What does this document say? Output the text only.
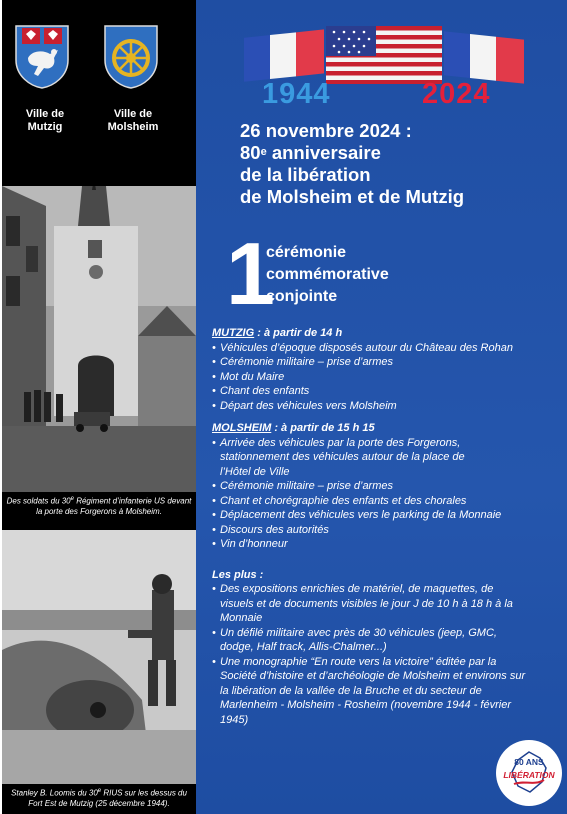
Ville de
Mutzig
Ville de
Molsheim
Des soldats du 30e Régiment d’infanterie US devant la porte des Forgerons à Molsheim.
Stanley B. Loomis du 30e RIUS sur les dessus du Fort Est de Mutzig (25 décembre 1944).
1944	2024
26 novembre 2024 :
80e anniversaire
de la libération
de Molsheim et de Mutzig
1
cérémonie
commémorative
conjointe
MUTZIG : à partir de 14 h
• Véhicules d’époque disposés autour du Château des Rohan
• Cérémonie militaire – prise d’armes
• Mot du Maire
• Chant des enfants
• Départ des véhicules vers Molsheim
MOLSHEIM : à partir de 15 h 15
• Arrivée des véhicules par la porte des Forgerons, stationnement des véhicules autour de la place de l’Hôtel de Ville
• Cérémonie militaire – prise d’armes
• Chant et chorégraphie des enfants et des chorales
• Déplacement des véhicules vers le parking de la Monnaie
• Discours des autorités
• Vin d’honneur
Les plus :
• Des expositions enrichies de matériel, de maquettes, de visuels et de documents visibles le jour J de 10 h à 18 h à la Monnaie
• Un défilé militaire avec près de 30 véhicules (jeep, GMC, dodge, Half track, Allis-Chalmer...)
• Une monographie “En route vers la victoire” éditée par la Société d’histoire et d’archéologie de Molsheim et environs sur la libération de la vallée de la Bruche et du secteur de Marlenheim - Molsheim - Rosheim (novembre 1944 - février 1945)
80 ANS
LIBÉRATION
